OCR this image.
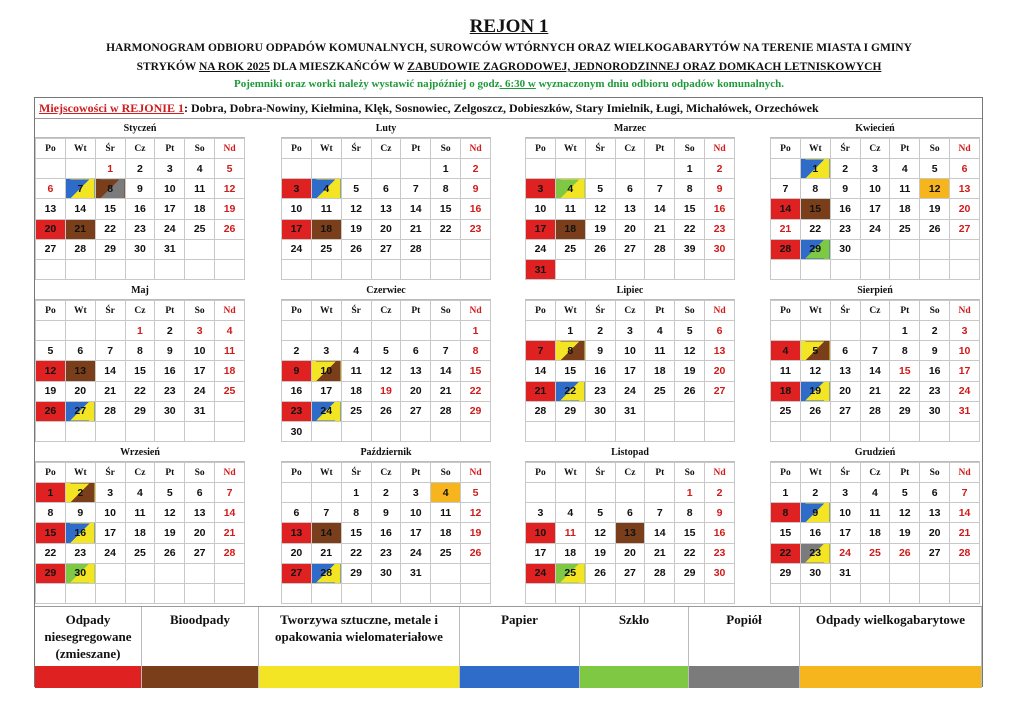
REJON 1
HARMONOGRAM ODBIORU ODPADÓW KOMUNALNYCH, SUROWCÓW WTÓRNYCH ORAZ WIELKOGABARYTÓW NA TERENIE MIASTA I GMINY
STRYKÓW NA ROK 2025 DLA MIESZKAŃCÓW W ZABUDOWIE ZAGRODOWEJ, JEDNORODZINNEJ ORAZ DOMKACH LETNISKOWYCH
Pojemniki oraz worki należy wystawić najpóźniej o godz. 6:30 w wyznaczonym dniu odbioru odpadów komunalnych.
Miejscowości w REJONIE 1: Dobra, Dobra-Nowiny, Kiełmina, Klęk, Sosnowiec, Zelgoszcz, Dobieszków, Stary Imielnik, Ługi, Michałówek, Orzechówek
Styczeń
Po	Wt	Śr	Cz	Pt	So	Nd
		1	2	3	4	5
6	7	8	9	10	11	12
13	14	15	16	17	18	19
20	21	22	23	24	25	26
27	28	29	30	31		

Luty
Po	Wt	Śr	Cz	Pt	So	Nd
					1	2
3	4	5	6	7	8	9
10	11	12	13	14	15	16
17	18	19	20	21	22	23
24	25	26	27	28		

Marzec
Po	Wt	Śr	Cz	Pt	So	Nd
					1	2
3	4	5	6	7	8	9
10	11	12	13	14	15	16
17	18	19	20	21	22	23
24	25	26	27	28	39	30
31						
Kwiecień
Po	Wt	Śr	Cz	Pt	So	Nd
	1	2	3	4	5	6
7	8	9	10	11	12	13
14	15	16	17	18	19	20
21	22	23	24	25	26	27
28	29	30				

Maj
Po	Wt	Śr	Cz	Pt	So	Nd
			1	2	3	4
5	6	7	8	9	10	11
12	13	14	15	16	17	18
19	20	21	22	23	24	25
26	27	28	29	30	31	

Czerwiec
Po	Wt	Śr	Cz	Pt	So	Nd
						1
2	3	4	5	6	7	8
9	10	11	12	13	14	15
16	17	18	19	20	21	22
23	24	25	26	27	28	29
30						
Lipiec
Po	Wt	Śr	Cz	Pt	So	Nd
	1	2	3	4	5	6
7	8	9	10	11	12	13
14	15	16	17	18	19	20
21	22	23	24	25	26	27
28	29	30	31			

Sierpień
Po	Wt	Śr	Cz	Pt	So	Nd
				1	2	3
4	5	6	7	8	9	10
11	12	13	14	15	16	17
18	19	20	21	22	23	24
25	26	27	28	29	30	31

Wrzesień
Po	Wt	Śr	Cz	Pt	So	Nd
1	2	3	4	5	6	7
8	9	10	11	12	13	14
15	16	17	18	19	20	21
22	23	24	25	26	27	28
29	30					

Październik
Po	Wt	Śr	Cz	Pt	So	Nd
		1	2	3	4	5
6	7	8	9	10	11	12
13	14	15	16	17	18	19
20	21	22	23	24	25	26
27	28	29	30	31		

Listopad
Po	Wt	Śr	Cz	Pt	So	Nd
					1	2
3	4	5	6	7	8	9
10	11	12	13	14	15	16
17	18	19	20	21	22	23
24	25	26	27	28	29	30

Grudzień
Po	Wt	Śr	Cz	Pt	So	Nd
1	2	3	4	5	6	7
8	9	10	11	12	13	14
15	16	17	18	19	20	21
22	23	24	25	26	27	28
29	30	31				

Odpady niesegregowane (zmieszane)
Bioodpady	Tworzywa sztuczne, metale i opakowania wielomateriałowe
Papier	Szkło	Popiół	Odpady wielkogabarytowe
